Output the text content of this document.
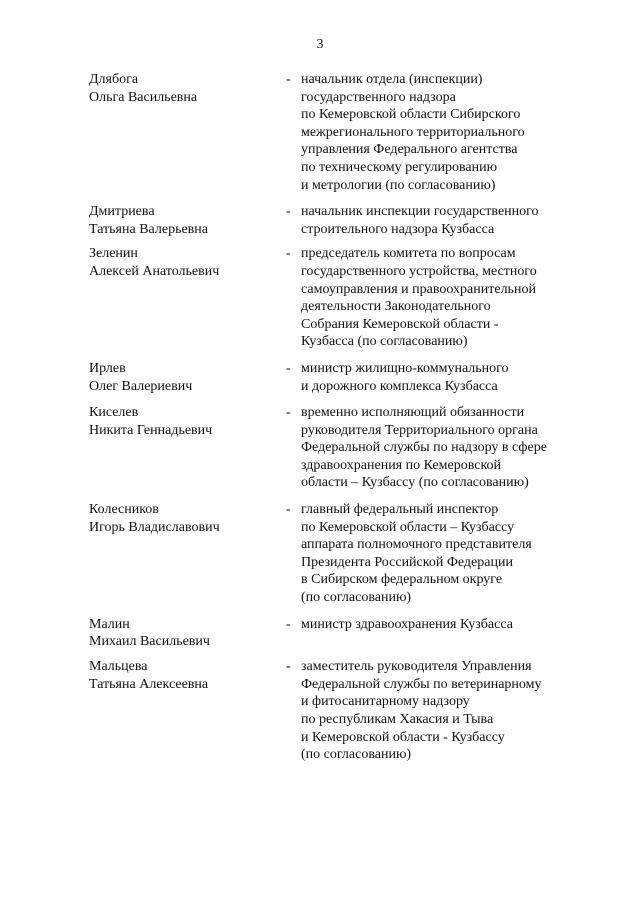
3
Длябога
Ольга Васильевна
- начальник отдела (инспекции)
государственного надзора
по Кемеровской области Сибирского
межрегионального территориального
управления Федерального агентства
по техническому регулированию
и метрологии (по согласованию)
Дмитриева
Татьяна Валерьевна
- начальник инспекции государственного
строительного надзора Кузбасса
Зеленин
Алексей Анатольевич
- председатель комитета по вопросам
государственного устройства, местного
самоуправления и правоохранительной
деятельности Законодательного
Собрания Кемеровской области -
Кузбасса (по согласованию)
Ирлев
Олег Валериевич
- министр жилищно-коммунального
и дорожного комплекса Кузбасса
Киселев
Никита Геннадьевич
- временно исполняющий обязанности
руководителя Территориального органа
Федеральной службы по надзору в сфере
здравоохранения по Кемеровской
области – Кузбассу (по согласованию)
Колесников
Игорь Владиславович
- главный федеральный инспектор
по Кемеровской области – Кузбассу
аппарата полномочного представителя
Президента Российской Федерации
в Сибирском федеральном округе
(по согласованию)
Малин
Михаил Васильевич
- министр здравоохранения Кузбасса
Мальцева
Татьяна Алексеевна
- заместитель руководителя Управления
Федеральной службы по ветеринарному
и фитосанитарному надзору
по республикам Хакасия и Тыва
и Кемеровской области - Кузбассу
(по согласованию)
